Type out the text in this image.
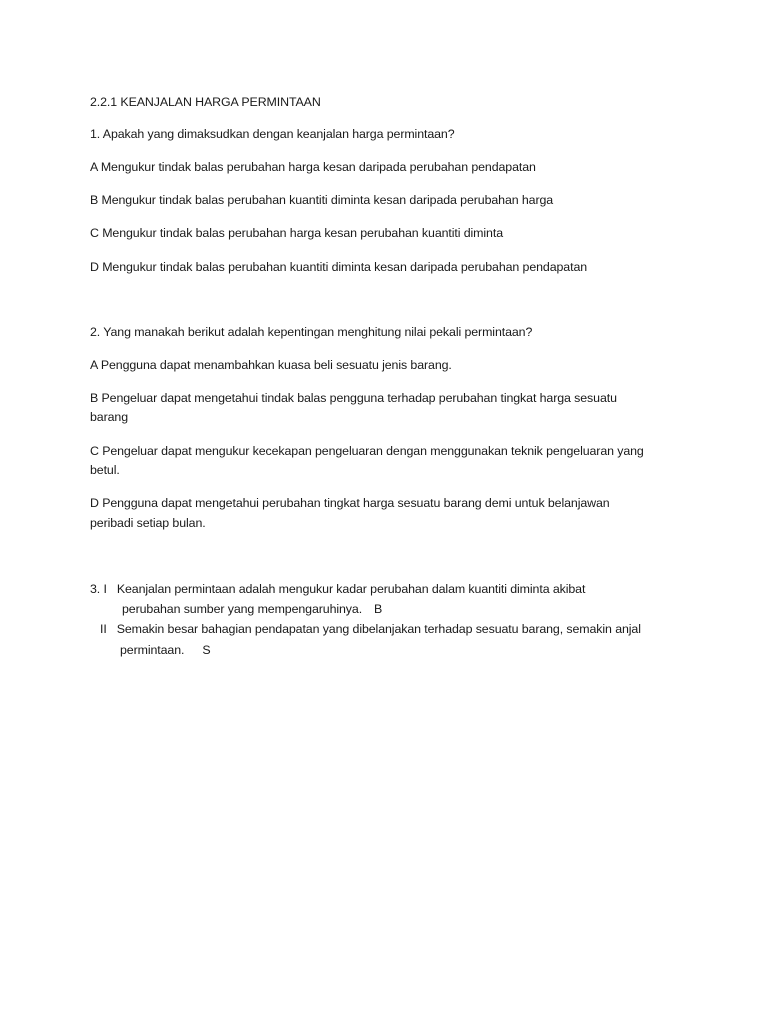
2.2.1 KEANJALAN HARGA PERMINTAAN
1. Apakah yang dimaksudkan dengan keanjalan harga permintaan?
A Mengukur tindak balas perubahan harga kesan daripada perubahan pendapatan
B Mengukur tindak balas perubahan kuantiti diminta kesan daripada perubahan harga
C Mengukur tindak balas perubahan harga kesan perubahan kuantiti diminta
D Mengukur tindak balas perubahan kuantiti diminta kesan daripada perubahan pendapatan
2. Yang manakah berikut adalah kepentingan menghitung nilai pekali permintaan?
A Pengguna dapat menambahkan kuasa beli sesuatu jenis barang.
B Pengeluar dapat mengetahui tindak balas pengguna terhadap perubahan tingkat harga sesuatu
barang
C Pengeluar dapat mengukur kecekapan pengeluaran dengan menggunakan teknik pengeluaran yang
betul.
D Pengguna dapat mengetahui perubahan tingkat harga sesuatu barang demi untuk belanjawan
peribadi setiap bulan.
3. I Keanjalan permintaan adalah mengukur kadar perubahan dalam kuantiti diminta akibat
perubahan sumber yang mempengaruhinya. B
II Semakin besar bahagian pendapatan yang dibelanjakan terhadap sesuatu barang, semakin anjal
permintaan. S
